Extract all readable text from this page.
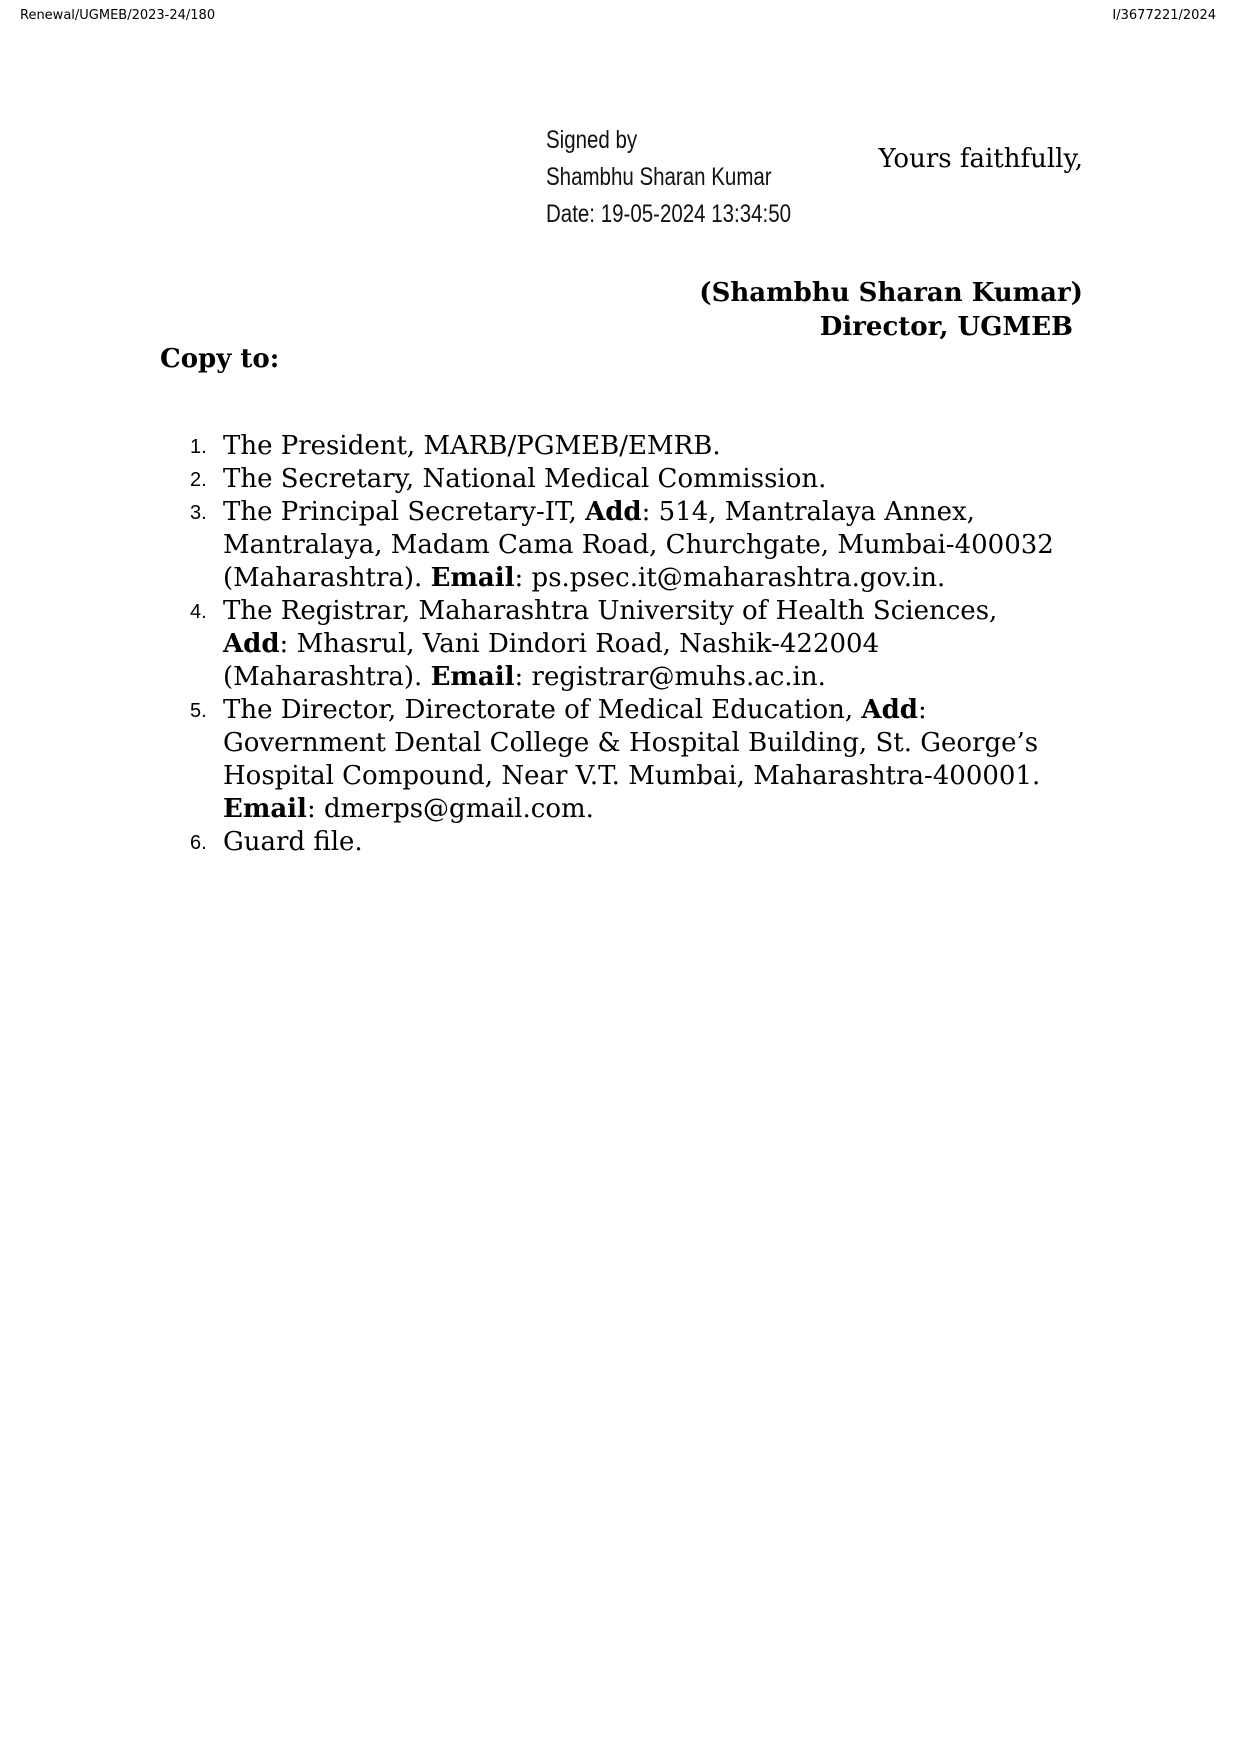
Renewal/UGMEB/2023-24/180	I/3677221/2024
Signed by
Shambhu Sharan Kumar
Date: 19-05-2024 13:34:50
Yours faithfully,
(Shambhu Sharan Kumar)
Director, UGMEB
Copy to:
1. The President, MARB/PGMEB/EMRB.
2. The Secretary, National Medical Commission.
3. The Principal Secretary-IT, Add: 514, Mantralaya Annex,
Mantralaya, Madam Cama Road, Churchgate, Mumbai-400032
(Maharashtra). Email: ps.psec.it@maharashtra.gov.in.
4. The Registrar, Maharashtra University of Health Sciences,
Add: Mhasrul, Vani Dindori Road, Nashik-422004
(Maharashtra). Email: registrar@muhs.ac.in.
5. The Director, Directorate of Medical Education, Add:
Government Dental College & Hospital Building, St. George’s
Hospital Compound, Near V.T. Mumbai, Maharashtra-400001.
Email: dmerps@gmail.com.
6. Guard file.
